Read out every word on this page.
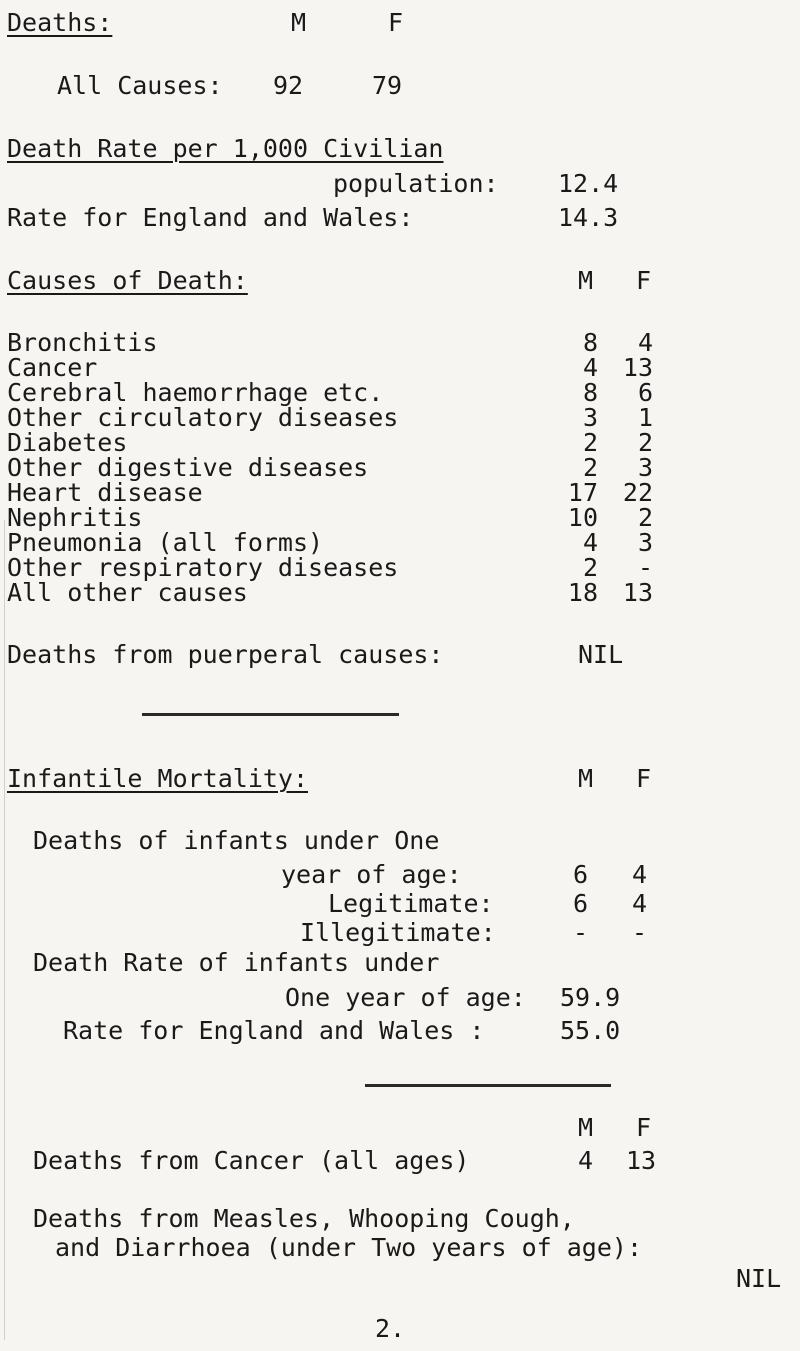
Deaths:	M	F
All Causes: 92	79
Death Rate per 1,000 Civilian
population: 12.4
Rate for England and Wales:	14.3
Causes of Death:	M F
Bronchitis	8	4
Cancer	4 13
Cerebral haemorrhage etc.	8	6
Other circulatory diseases	3	1
Diabetes	2	2
Other digestive diseases	2	3
Heart disease	17 22
Nephritis	10	2
Pneumonia (all forms)	4	3
Other respiratory diseases	2	-
All other causes	18 13
Deaths from puerperal causes:	NIL
Infantile Mortality:	M F
Deaths of infants under One
year of age:	6 4
Legitimate:	6 4
Illegitimate:	- -
Death Rate of infants under
One year of age: 59.9
Rate for England and Wales :	55.0
M F
Deaths from Cancer (all ages)	4 13
Deaths from Measles, Whooping Cough,
and Diarrhoea (under Two years of age):
NIL
2.
